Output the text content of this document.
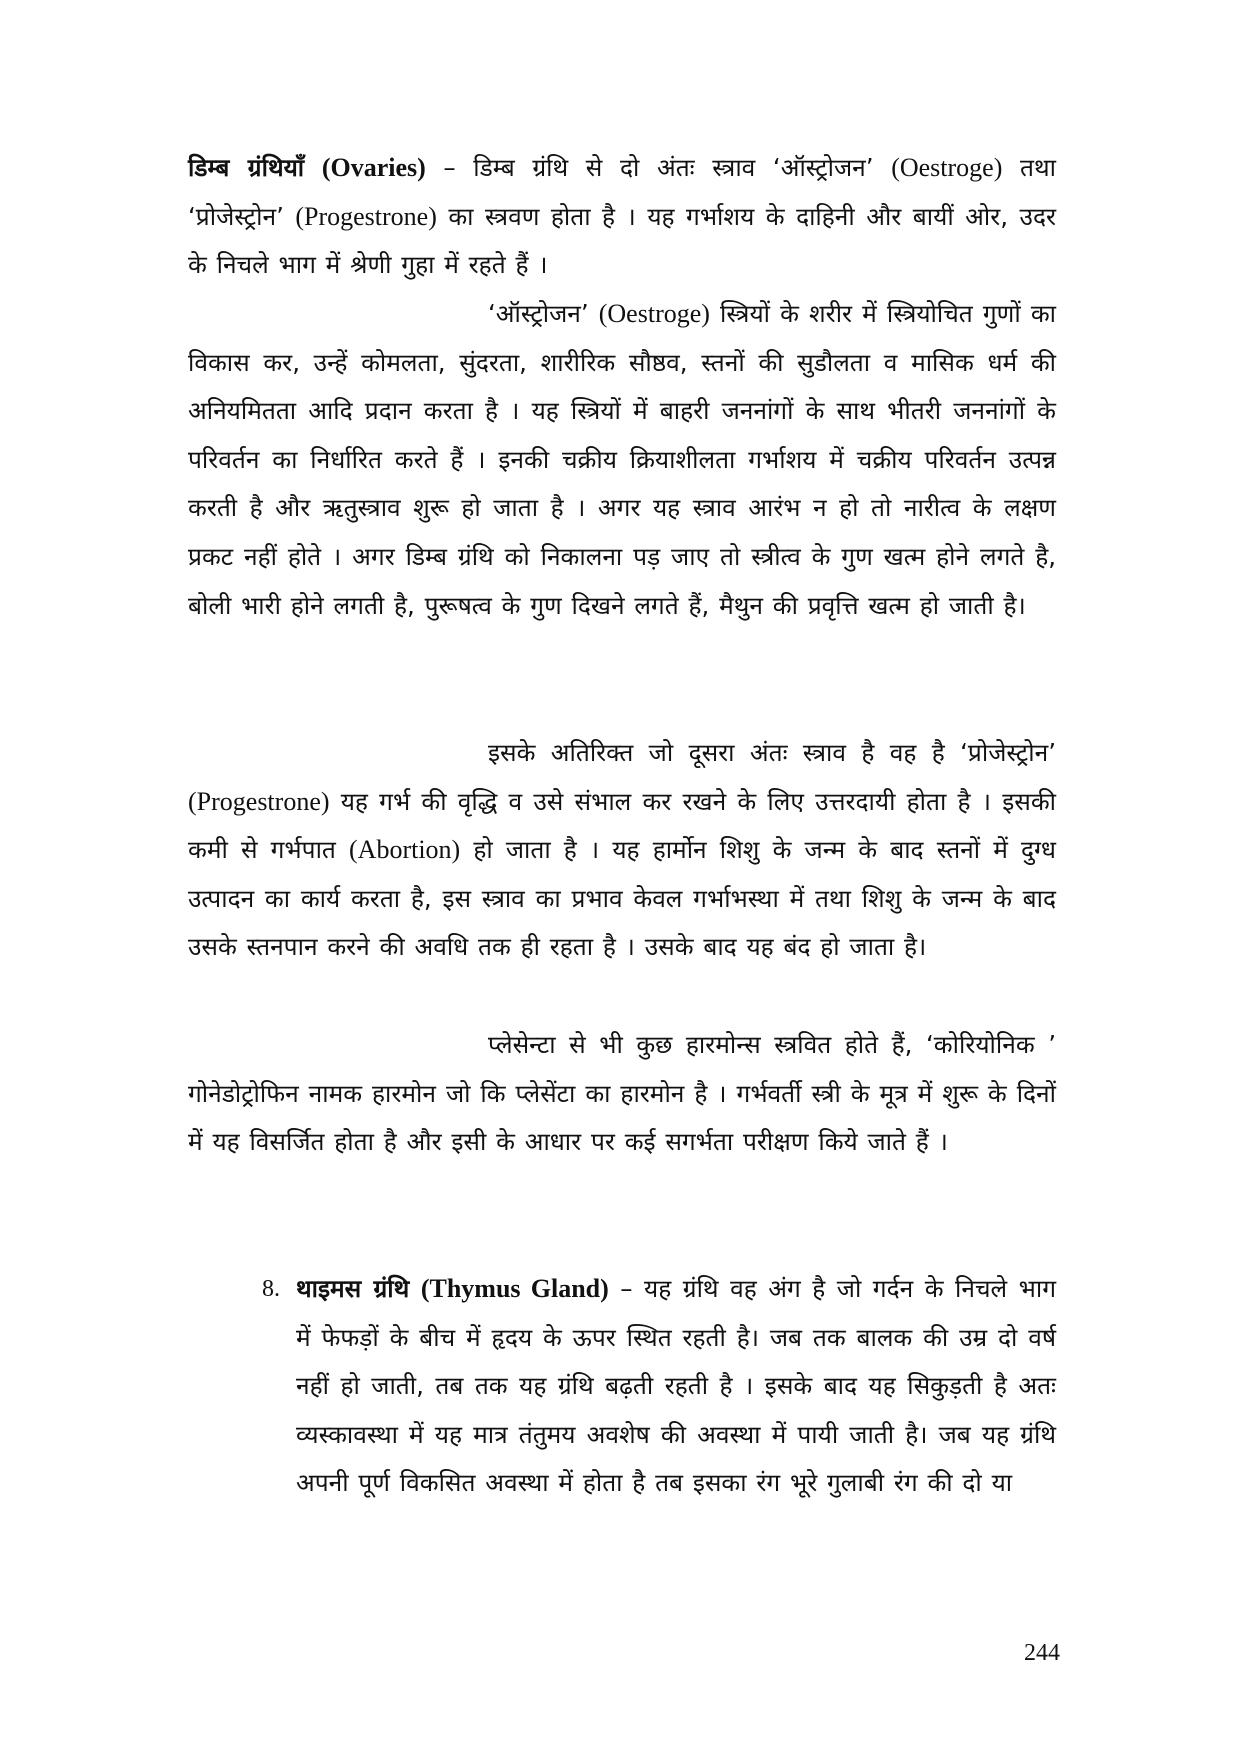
डिम्ब ग्रंथियॉं (Ovaries) – डिम्ब ग्रंथि से दो अंतः स्त्राव ‘ऑस्ट्रोजन’ (Oestroge) तथा ‘प्रोजेस्ट्रोन’ (Progestrone) का स्त्रवण होता है । यह गर्भाशय के दाहिनी और बायीं ओर, उदर के निचले भाग में श्रेणी गुहा में रहते हैं ।

‘ऑस्ट्रोजन’ (Oestroge) स्त्रियों के शरीर में स्त्रियोचित गुणों का विकास कर, उन्हें कोमलता, सुंदरता, शारीरिक सौष्ठव, स्तनों की सुडौलता व मासिक धर्म की अनियमितता आदि प्रदान करता है । यह स्त्रियों में बाहरी जननांगों के साथ भीतरी जननांगों के परिवर्तन का निर्धारित करते हैं । इनकी चक्रीय क्रियाशीलता गर्भाशय में चक्रीय परिवर्तन उत्पन्न करती है और ऋतुस्त्राव शुरू हो जाता है । अगर यह स्त्राव आरंभ न हो तो नारीत्व के लक्षण प्रकट नहीं होते । अगर डिम्ब ग्रंथि को निकालना पड़ जाए तो स्त्रीत्व के गुण खत्म होने लगते है, बोली भारी होने लगती है, पुरूषत्व के गुण दिखने लगते हैं, मैथुन की प्रवृत्ति खत्म हो जाती है।

इसके अतिरिक्त जो दूसरा अंतः स्त्राव है वह है ‘प्रोजेस्ट्रोन’ (Progestrone) यह गर्भ की वृद्धि व उसे संभाल कर रखने के लिए उत्तरदायी होता है । इसकी कमी से गर्भपात (Abortion) हो जाता है । यह हार्मोन शिशु के जन्म के बाद स्तनों में दुग्ध उत्पादन का कार्य करता है, इस स्त्राव का प्रभाव केवल गर्भाभस्था में तथा शिशु के जन्म के बाद उसके स्तनपान करने की अवधि तक ही रहता है । उसके बाद यह बंद हो जाता है।

प्लेसेन्टा से भी कुछ हारमोन्स स्त्रवित होते हैं, ‘कोरियोनिक ’ गोनेडोट्रोफिन नामक हारमोन जो कि प्लेसेंटा का हारमोन है । गर्भवर्ती स्त्री के मूत्र में शुरू के दिनों में यह विसर्जित होता है और इसी के आधार पर कई सगर्भता परीक्षण किये जाते हैं ।

8. थाइमस ग्रंथि (Thymus Gland) – यह ग्रंथि वह अंग है जो गर्दन के निचले भाग में फेफड़ों के बीच में हृदय के ऊपर स्थित रहती है। जब तक बालक की उम्र दो वर्ष नहीं हो जाती, तब तक यह ग्रंथि बढ़ती रहती है । इसके बाद यह सिकुड़ती है अतः व्यस्कावस्था में यह मात्र तंतुमय अवशेष की अवस्था में पायी जाती है। जब यह ग्रंथि अपनी पूर्ण विकसित अवस्था में होता है तब इसका रंग भूरे गुलाबी रंग की दो या
244
